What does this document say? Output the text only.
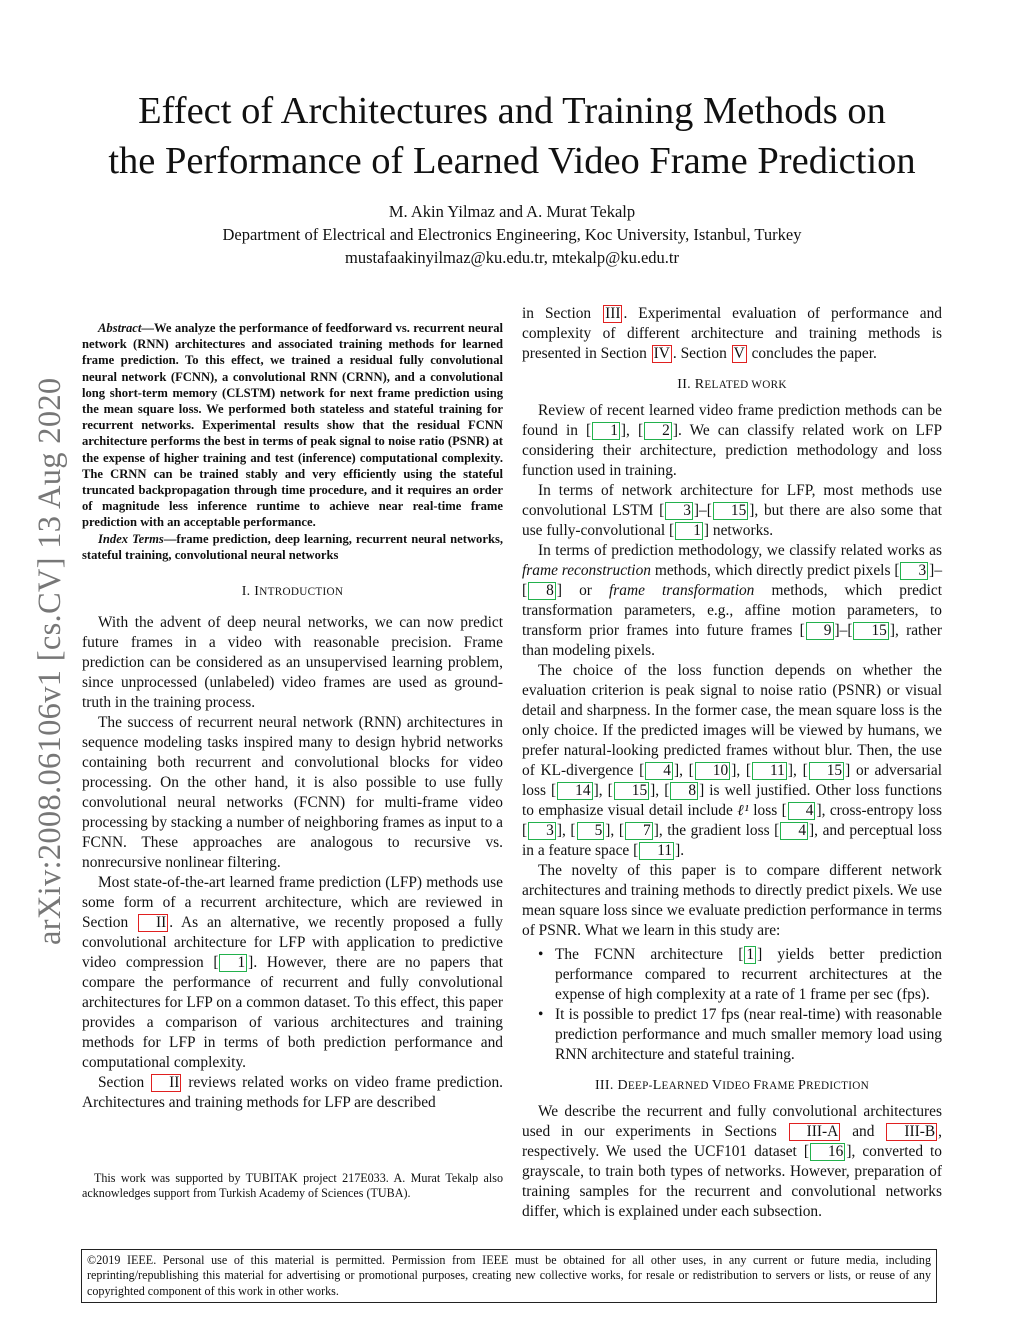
Effect of Architectures and Training Methods on
the Performance of Learned Video Frame Prediction
M. Akin Yilmaz and A. Murat Tekalp
Department of Electrical and Electronics Engineering, Koc University, Istanbul, Turkey
mustafaakinyilmaz@ku.edu.tr, mtekalp@ku.edu.tr
arXiv:2008.06106v1 [cs.CV] 13 Aug 2020

Abstract—We analyze the performance of feedforward vs. recurrent neural network (RNN) architectures and associated training methods for learned frame prediction. To this effect, we trained a residual fully convolutional neural network (FCNN), a convolutional RNN (CRNN), and a convolutional long short-term memory (CLSTM) network for next frame prediction using the mean square loss. We performed both stateless and stateful training for recurrent networks. Experimental results show that the residual FCNN architecture performs the best in terms of peak signal to noise ratio (PSNR) at the expense of higher training and test (inference) computational complexity. The CRNN can be trained stably and very efficiently using the stateful truncated backpropagation through time procedure, and it requires an order of magnitude less inference runtime to achieve near real-time frame prediction with an acceptable performance.

Index Terms—frame prediction, deep learning, recurrent neural networks, stateful training, convolutional neural networks

I. INTRODUCTION

With the advent of deep neural networks, we can now predict future frames in a video with reasonable precision. Frame prediction can be considered as an unsupervised learning problem, since unprocessed (unlabeled) video frames are used as ground-truth in the training process.

The success of recurrent neural network (RNN) architectures in sequence modeling tasks inspired many to design hybrid networks containing both recurrent and convolutional blocks for video processing. On the other hand, it is also possible to use fully convolutional neural networks (FCNN) for multi-frame video processing by stacking a number of neighboring frames as input to a FCNN. These approaches are analogous to recursive vs. nonrecursive nonlinear filtering.

Most state-of-the-art learned frame prediction (LFP) methods use some form of a recurrent architecture, which are reviewed in Section II . As an alternative, we recently proposed a fully convolutional architecture for LFP with application to predictive video compression [ 1 ]. However, there are no papers that compare the performance of recurrent and fully convolutional architectures for LFP on a common dataset. To this effect, this paper provides a comparison of various architectures and training methods for LFP in terms of both prediction performance and computational complexity.

Section II reviews related works on video frame prediction. Architectures and training methods for LFP are described

This work was supported by TUBITAK project 217E033. A. Murat Tekalp also acknowledges support from Turkish Academy of Sciences (TUBA).

in Section III . Experimental evaluation of performance and complexity of different architecture and training methods is presented in Section IV . Section V concludes the paper.

II. RELATED WORK

Review of recent learned video frame prediction methods can be found in [ 1 ], [ 2 ]. We can classify related work on LFP considering their architecture, prediction methodology and loss function used in training.

In terms of network architecture for LFP, most methods use convolutional LSTM [ 3 ]–[ 15 ], but there are also some that use fully-convolutional [ 1 ] networks.

In terms of prediction methodology, we classify related works as frame reconstruction methods, which directly predict pixels [ 3 ]–[ 8 ] or frame transformation methods, which predict transformation parameters, e.g., affine motion parameters, to transform prior frames into future frames [ 9 ]–[ 15 ], rather than modeling pixels.

The choice of the loss function depends on whether the evaluation criterion is peak signal to noise ratio (PSNR) or visual detail and sharpness. In the former case, the mean square loss is the only choice. If the predicted images will be viewed by humans, we prefer natural-looking predicted frames without blur. Then, the use of KL-divergence [ 4 ], [ 10 ], [ 11 ], [ 15 ] or adversarial loss [ 14 ], [ 15 ], [ 8 ] is well justified. Other loss functions to emphasize visual detail include ℓ¹ loss [ 4 ], cross-entropy loss [ 3 ], [ 5 ], [ 7 ], the gradient loss [ 4 ], and perceptual loss in a feature space [ 11 ].

The novelty of this paper is to compare different network architectures and training methods to directly predict pixels. We use mean square loss since we evaluate prediction performance in terms of PSNR. What we learn in this study are:

• The FCNN architecture [ 1 ] yields better prediction performance compared to recurrent architectures at the expense of high complexity at a rate of 1 frame per sec (fps).
• It is possible to predict 17 fps (near real-time) with reasonable prediction performance and much smaller memory load using RNN architecture and stateful training.
III. DEEP-LEARNED VIDEO FRAME PREDICTION

We describe the recurrent and fully convolutional architectures used in our experiments in Sections III-A and III-B , respectively. We used the UCF101 dataset [ 16 ], converted to grayscale, to train both types of networks. However, preparation of training samples for the recurrent and convolutional networks differ, which is explained under each subsection.

©2019 IEEE. Personal use of this material is permitted. Permission from IEEE must be obtained for all other uses, in any current or future media, including reprinting/republishing this material for advertising or promotional purposes, creating new collective works, for resale or redistribution to servers or lists, or reuse of any copyrighted component of this work in other works.
